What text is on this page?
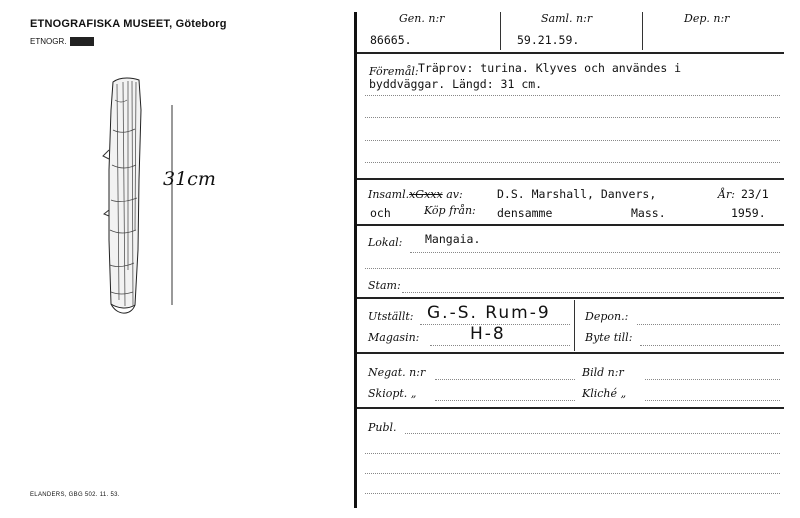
ETNOGRAFISKA MUSEET, Göteborg
ETNOGR. XXXX
31cm
ELANDERS, GBG 502. 11. 53.
Gen. n:r
86665.
Saml. n:r
59.21.59.
Dep. n:r
Föremål: Träprov: turina. Klyves och användes i
byddväggar. Längd: 31 cm.
Insaml.xGxxx av:	D.S. Marshall, Danvers,	År: 23/1
och	Köp från: densamme	Mass.	1959.
Lokal: Mangaia.
Stam:
Utställt: G.-S. Rum-9	Depon.:
Magasin:	H-8	Byte till:
Negat. n:r	Bild n:r
Skiopt. „	Kliché „
Publ.
